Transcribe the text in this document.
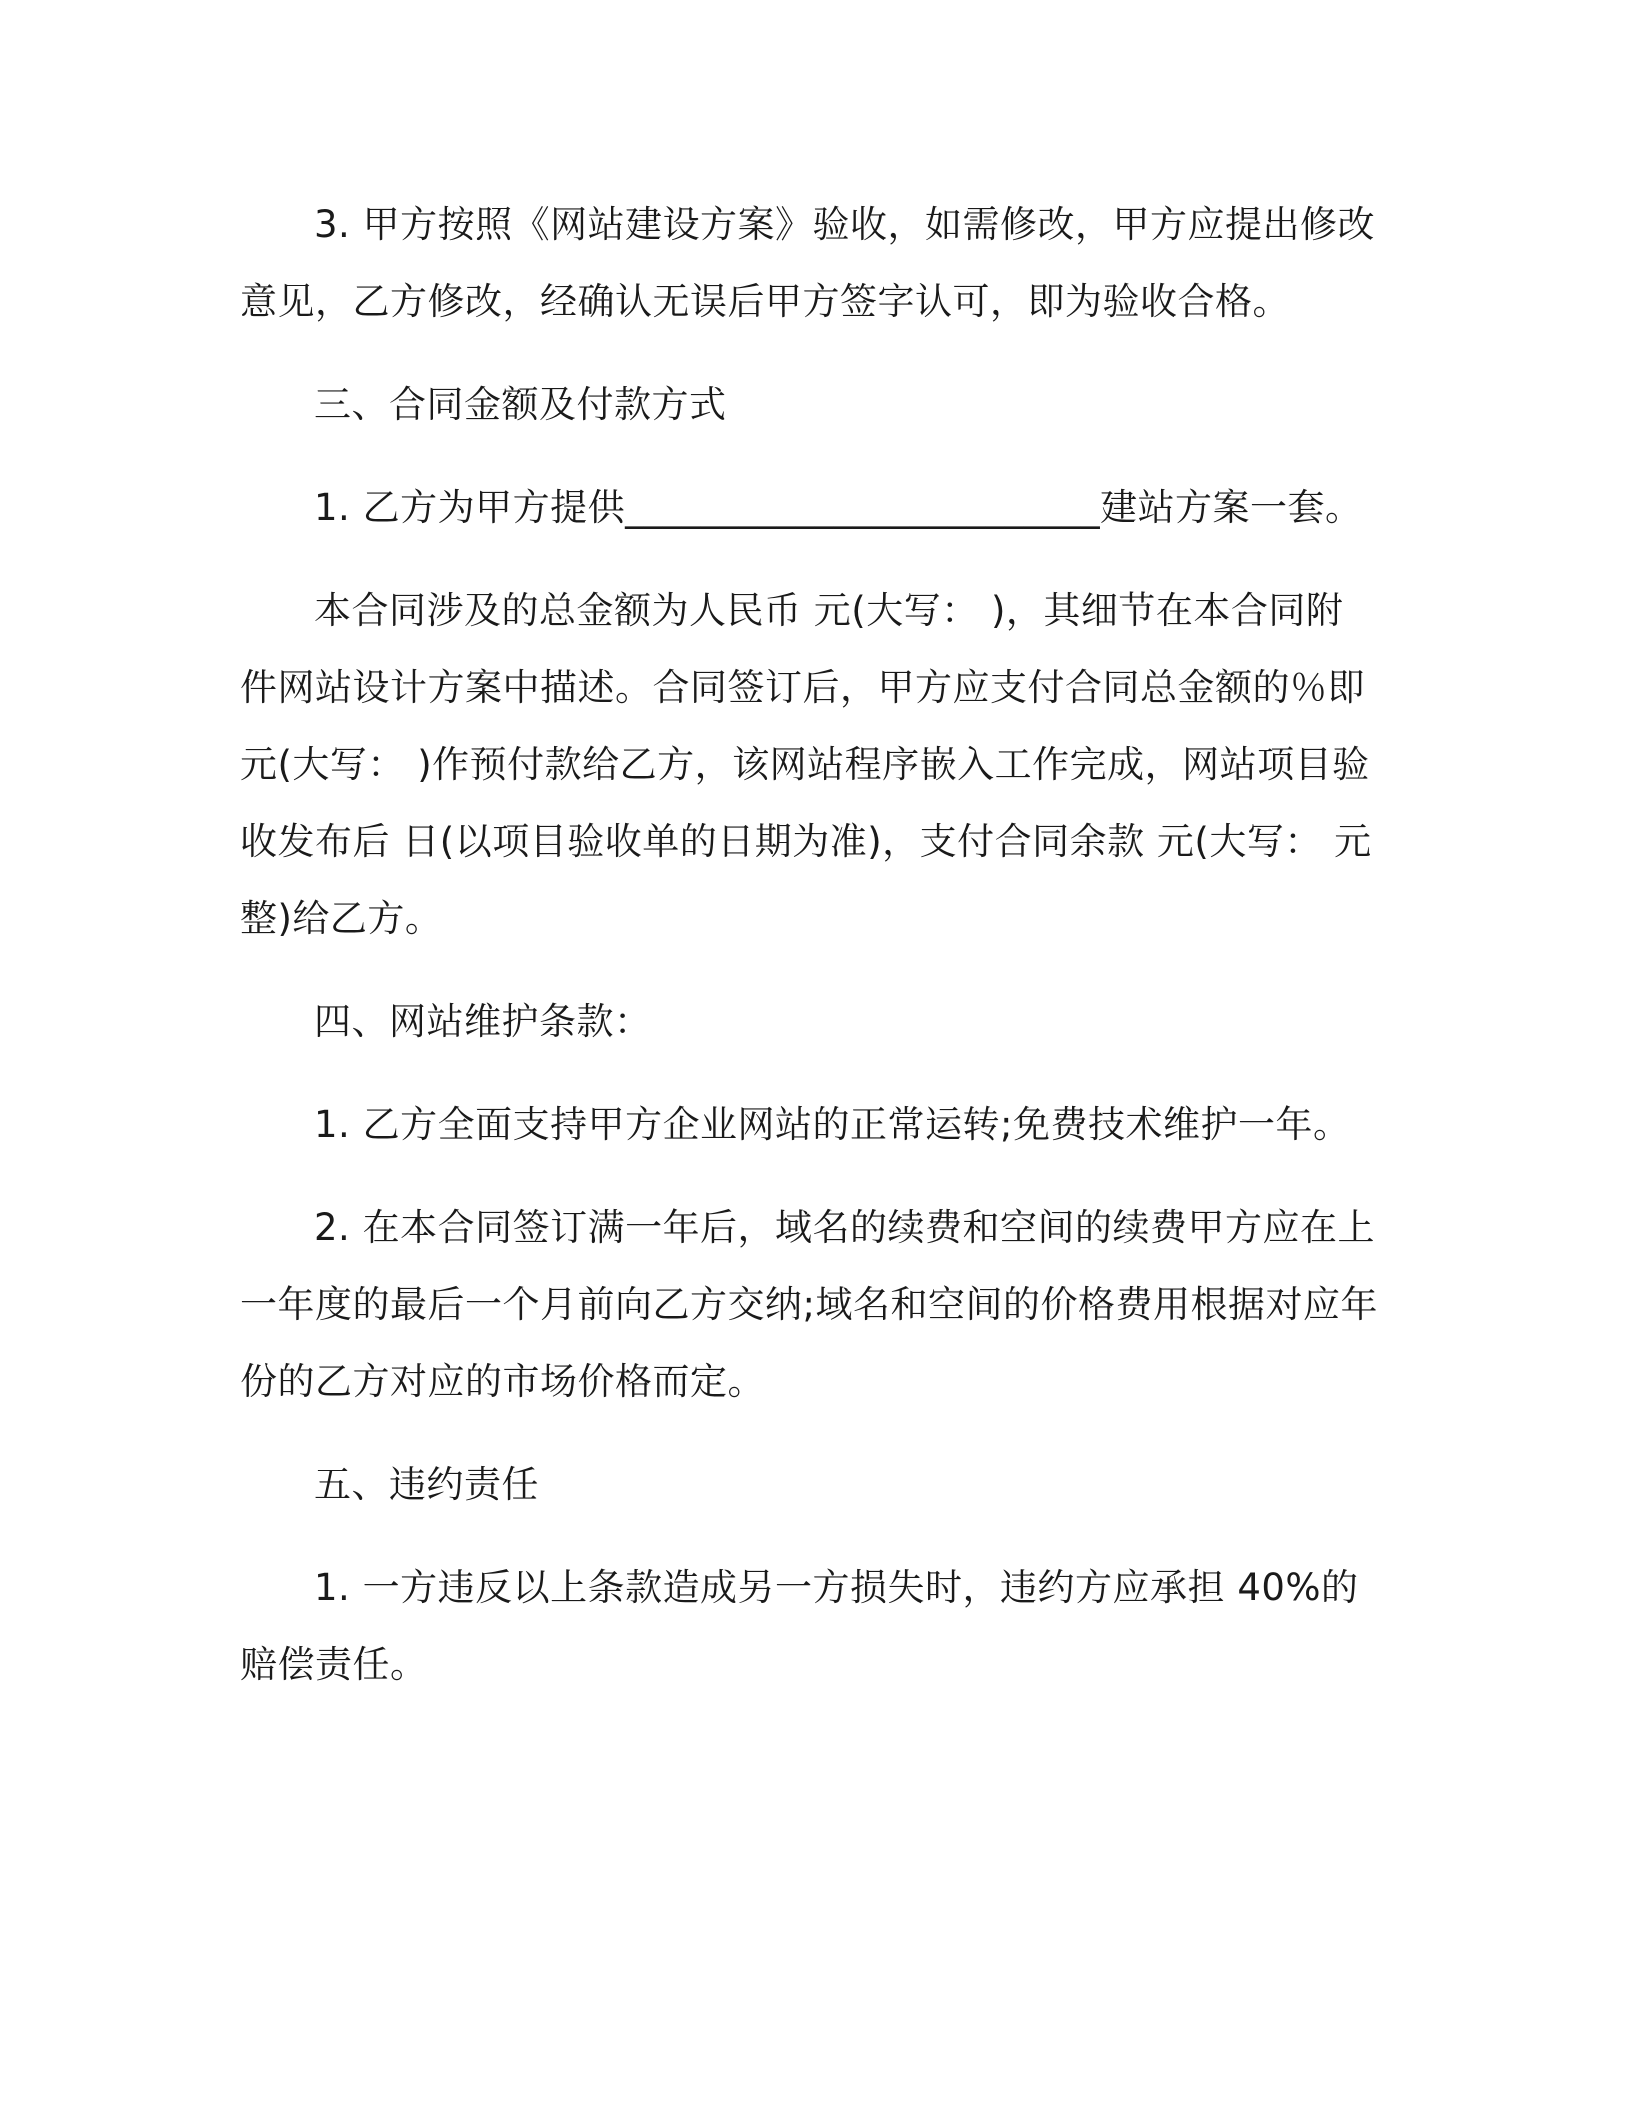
3. 甲方按照《网站建设方案》验收，如需修改，甲方应提出修改意见，乙方修改，经确认无误后甲方签字认可，即为验收合格。

三、合同金额及付款方式

1. 乙方为甲方提供_________________________建站方案一套。

本合同涉及的总金额为人民币 元(大写： )，其细节在本合同附件网站设计方案中描述。合同签订后，甲方应支付合同总金额的％即 元(大写： )作预付款给乙方，该网站程序嵌入工作完成，网站项目验收发布后 日(以项目验收单的日期为准)，支付合同余款 元(大写： 元整)给乙方。

四、网站维护条款：

1. 乙方全面支持甲方企业网站的正常运转;免费技术维护一年。

2. 在本合同签订满一年后，域名的续费和空间的续费甲方应在上一年度的最后一个月前向乙方交纳;域名和空间的价格费用根据对应年份的乙方对应的市场价格而定。

五、违约责任

1. 一方违反以上条款造成另一方损失时，违约方应承担 40%的赔偿责任。
